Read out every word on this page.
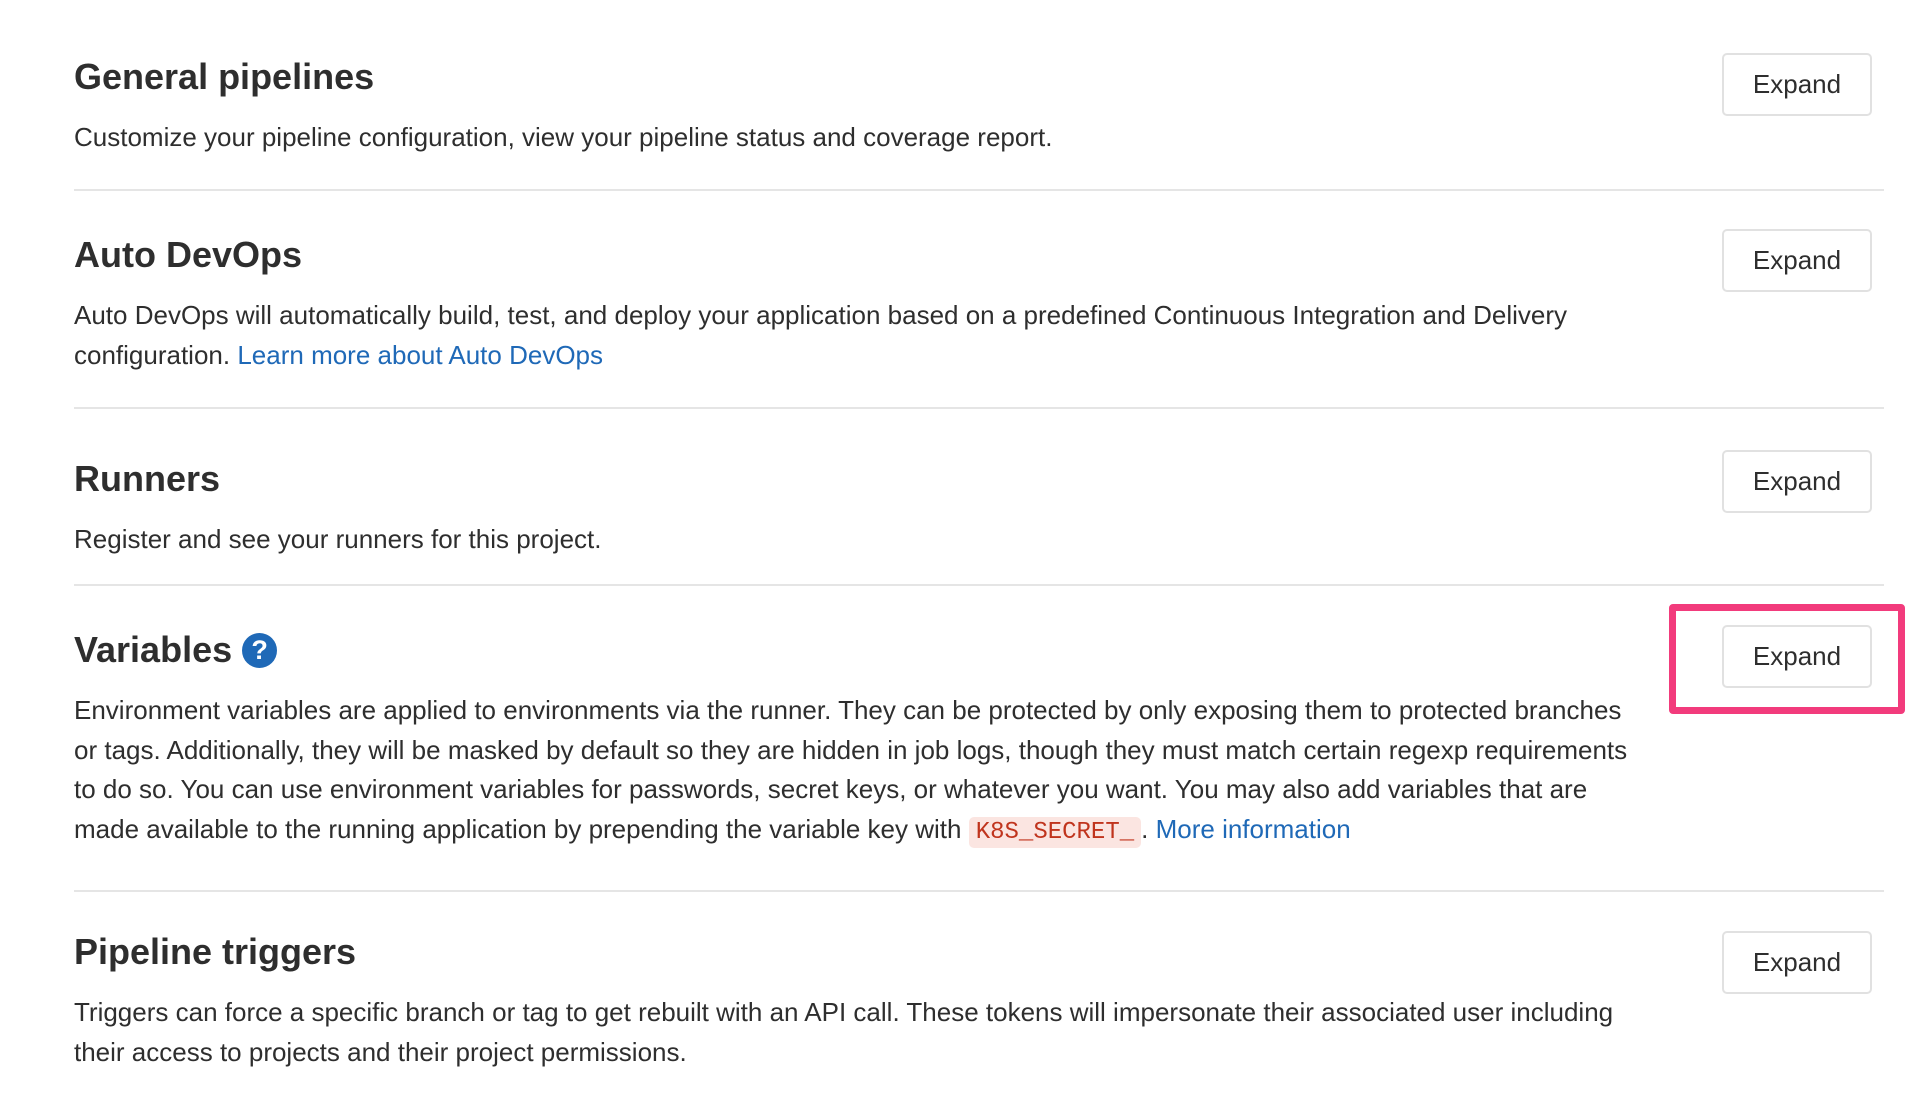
General pipelines

Customize your pipeline configuration, view your pipeline status and coverage report.

Expand
Auto DevOps

Auto DevOps will automatically build, test, and deploy your application based on a predefined Continuous Integration and Delivery configuration. Learn more about Auto DevOps

Expand
Runners

Register and see your runners for this project.

Expand
Variables ?

Environment variables are applied to environments via the runner. They can be protected by only exposing them to protected branches or tags. Additionally, they will be masked by default so they are hidden in job logs, though they must match certain regexp requirements to do so. You can use environment variables for passwords, secret keys, or whatever you want. You may also add variables that are made available to the running application by prepending the variable key with K8S_SECRET_ . More information

Expand
Pipeline triggers

Triggers can force a specific branch or tag to get rebuilt with an API call. These tokens will impersonate their associated user including their access to projects and their project permissions.

Expand
